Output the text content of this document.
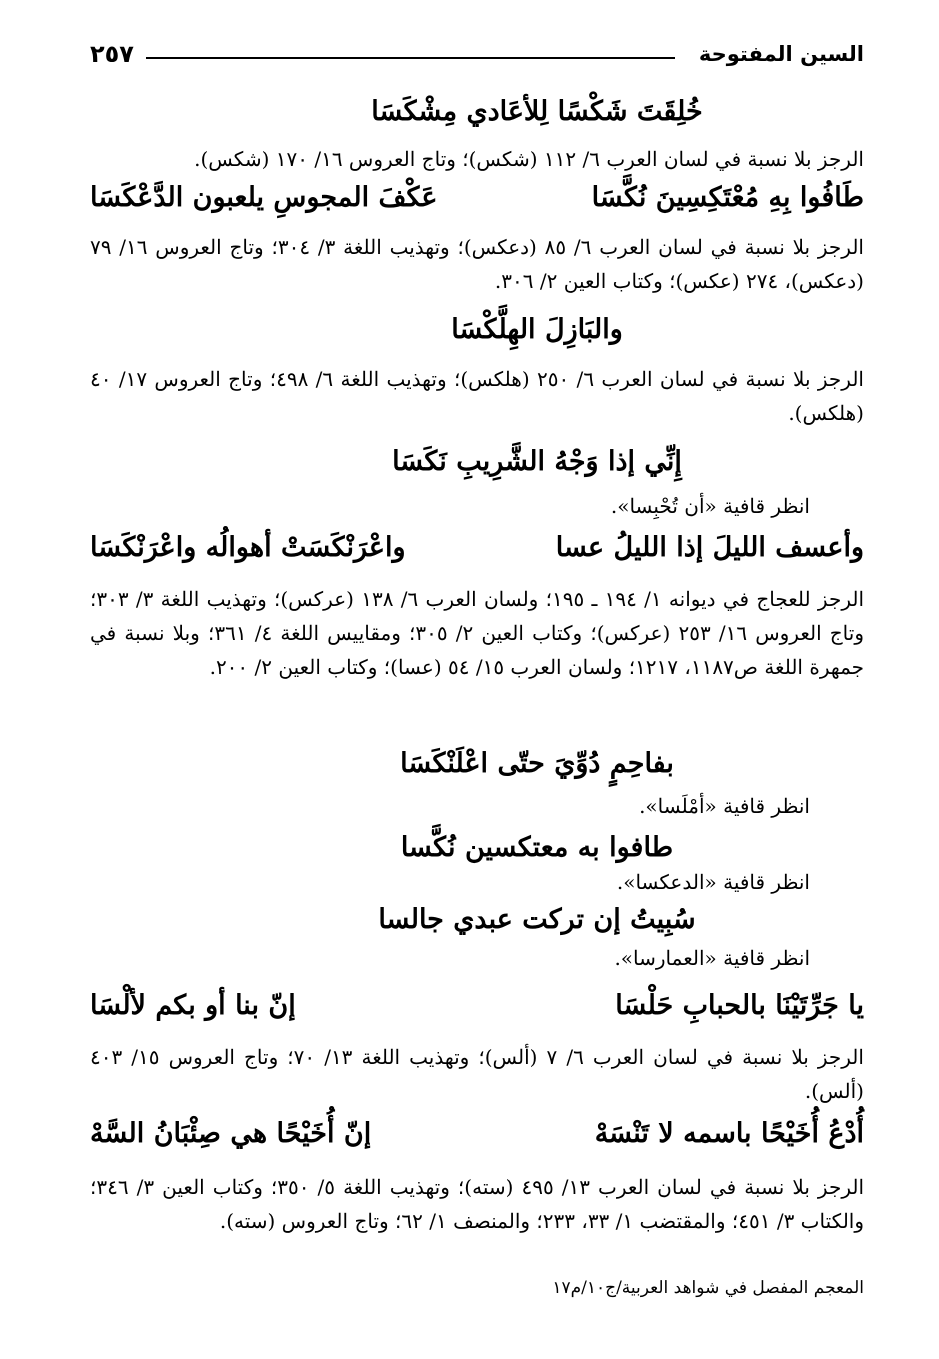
السين المفتوحة
٢٥٧
خُلِقَتَ شَكْسًا لِلأعَادي مِشْكَسَا
الرجز بلا نسبة في لسان العرب ٦/ ١١٢ (شكس)؛ وتاج العروس ١٦/ ١٧٠ (شكس).
طَافُوا بِهِ مُعْتَكِسِينَ نُكَّسَا
عَكْفَ المجوسِ يلعبون الدَّعْكَسَا
الرجز بلا نسبة في لسان العرب ٦/ ٨٥ (دعكس)؛ وتهذيب اللغة ٣/ ٣٠٤؛ وتاج العروس ١٦/ ٧٩ (دعكس)، ٢٧٤ (عكس)؛ وكتاب العين ٢/ ٣٠٦.
والبَازِلَ الهِلَّكْسَا
الرجز بلا نسبة في لسان العرب ٦/ ٢٥٠ (هلكس)؛ وتهذيب اللغة ٦/ ٤٩٨؛ وتاج العروس ١٧/ ٤٠ (هلكس).
إِنِّي إذا وَجْهُ الشَّرِيبِ نَكَسَا
انظر قافية «أن تُحْبِسا».
وأعسف الليلَ إذا الليلُ عسا
واعْرَنْكَسَتْ أهوالُه واعْرَنْكَسَا
الرجز للعجاج في ديوانه ١/ ١٩٤ ـ ١٩٥؛ ولسان العرب ٦/ ١٣٨ (عركس)؛ وتهذيب اللغة ٣/ ٣٠٣؛ وتاج العروس ١٦/ ٢٥٣ (عركس)؛ وكتاب العين ٢/ ٣٠٥؛ ومقاييس اللغة ٤/ ٣٦١؛ وبلا نسبة في جمهرة اللغة ص١١٨٧، ١٢١٧؛ ولسان العرب ١٥/ ٥٤ (عسا)؛ وكتاب العين ٢/ ٢٠٠.
بفاحِمٍ دُوِّيَ حتّى اعْلَنْكَسَا
انظر قافية «أمْلَسا».
طافوا به معتكسين نُكَّسا
انظر قافية «الدعكسا».
سُبِيتُ إن تركت عبدي جالسا
انظر قافية «العمارسا».
يا جَرِّتَيْنَا بالحبابِ حَلْسَا
إنّ بنا أو بكم لألْسَا
الرجز بلا نسبة في لسان العرب ٦/ ٧ (ألس)؛ وتهذيب اللغة ١٣/ ٧٠؛ وتاج العروس ١٥/ ٤٠٣ (ألس).
أُدْعُ أُخَيْحًا باسمه لا تَنْسَهْ
إنّ أُخَيْحًا هي صِئْبَانُ السَّهْ
الرجز بلا نسبة في لسان العرب ١٣/ ٤٩٥ (سته)؛ وتهذيب اللغة ٥/ ٣٥٠؛ وكتاب العين ٣/ ٣٤٦؛ والكتاب ٣/ ٤٥١؛ والمقتضب ١/ ٣٣، ٢٣٣؛ والمنصف ١/ ٦٢؛ وتاج العروس (سته).
المعجم المفصل في شواهد العربية/ج١٠/م١٧
